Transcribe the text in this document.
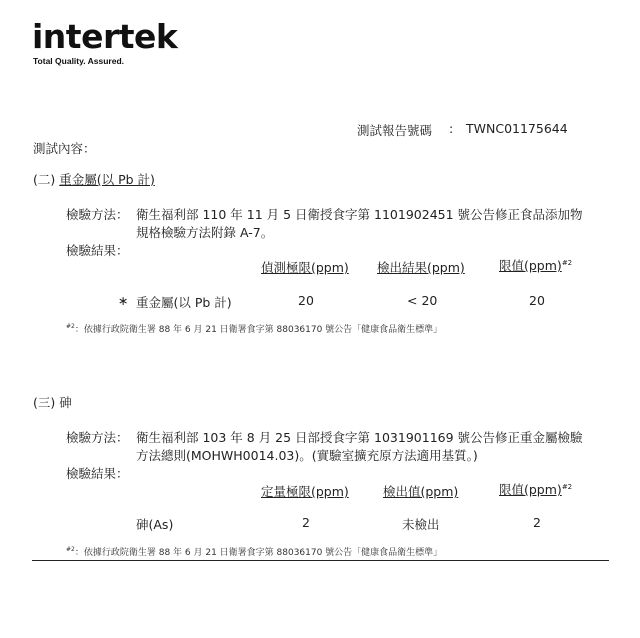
intertek
Total Quality. Assured.
測試報告號碼 : TWNC01175644
測試內容：
(二) 重金屬(以 Pb 計)
檢驗方法： 衛生福利部 110 年 11 月 5 日衛授食字第 1101902451 號公告修正食品添加物
規格檢驗方法附錄 A-7。
檢驗結果：
偵測極限(ppm) 檢出結果(ppm)	限值(ppm)$^{\#2}$
∗ 重金屬(以 Pb 計)	20	< 20	20
$^{\#2}$：依據行政院衛生署 88 年 6 月 21 日衛署食字第 88036170 號公告「健康食品衛生標準」
(三) 砷
檢驗方法： 衛生福利部 103 年 8 月 25 日部授食字第 1031901169 號公告修正重金屬檢驗
方法總則(MOHWH0014.03)。(實驗室擴充原方法適用基質。)
檢驗結果：
定量極限(ppm)	檢出值(ppm)	限值(ppm)$^{\#2}$
砷(As)	2	未檢出	2
$^{\#2}$：依據行政院衛生署 88 年 6 月 21 日衛署食字第 88036170 號公告「健康食品衛生標準」
